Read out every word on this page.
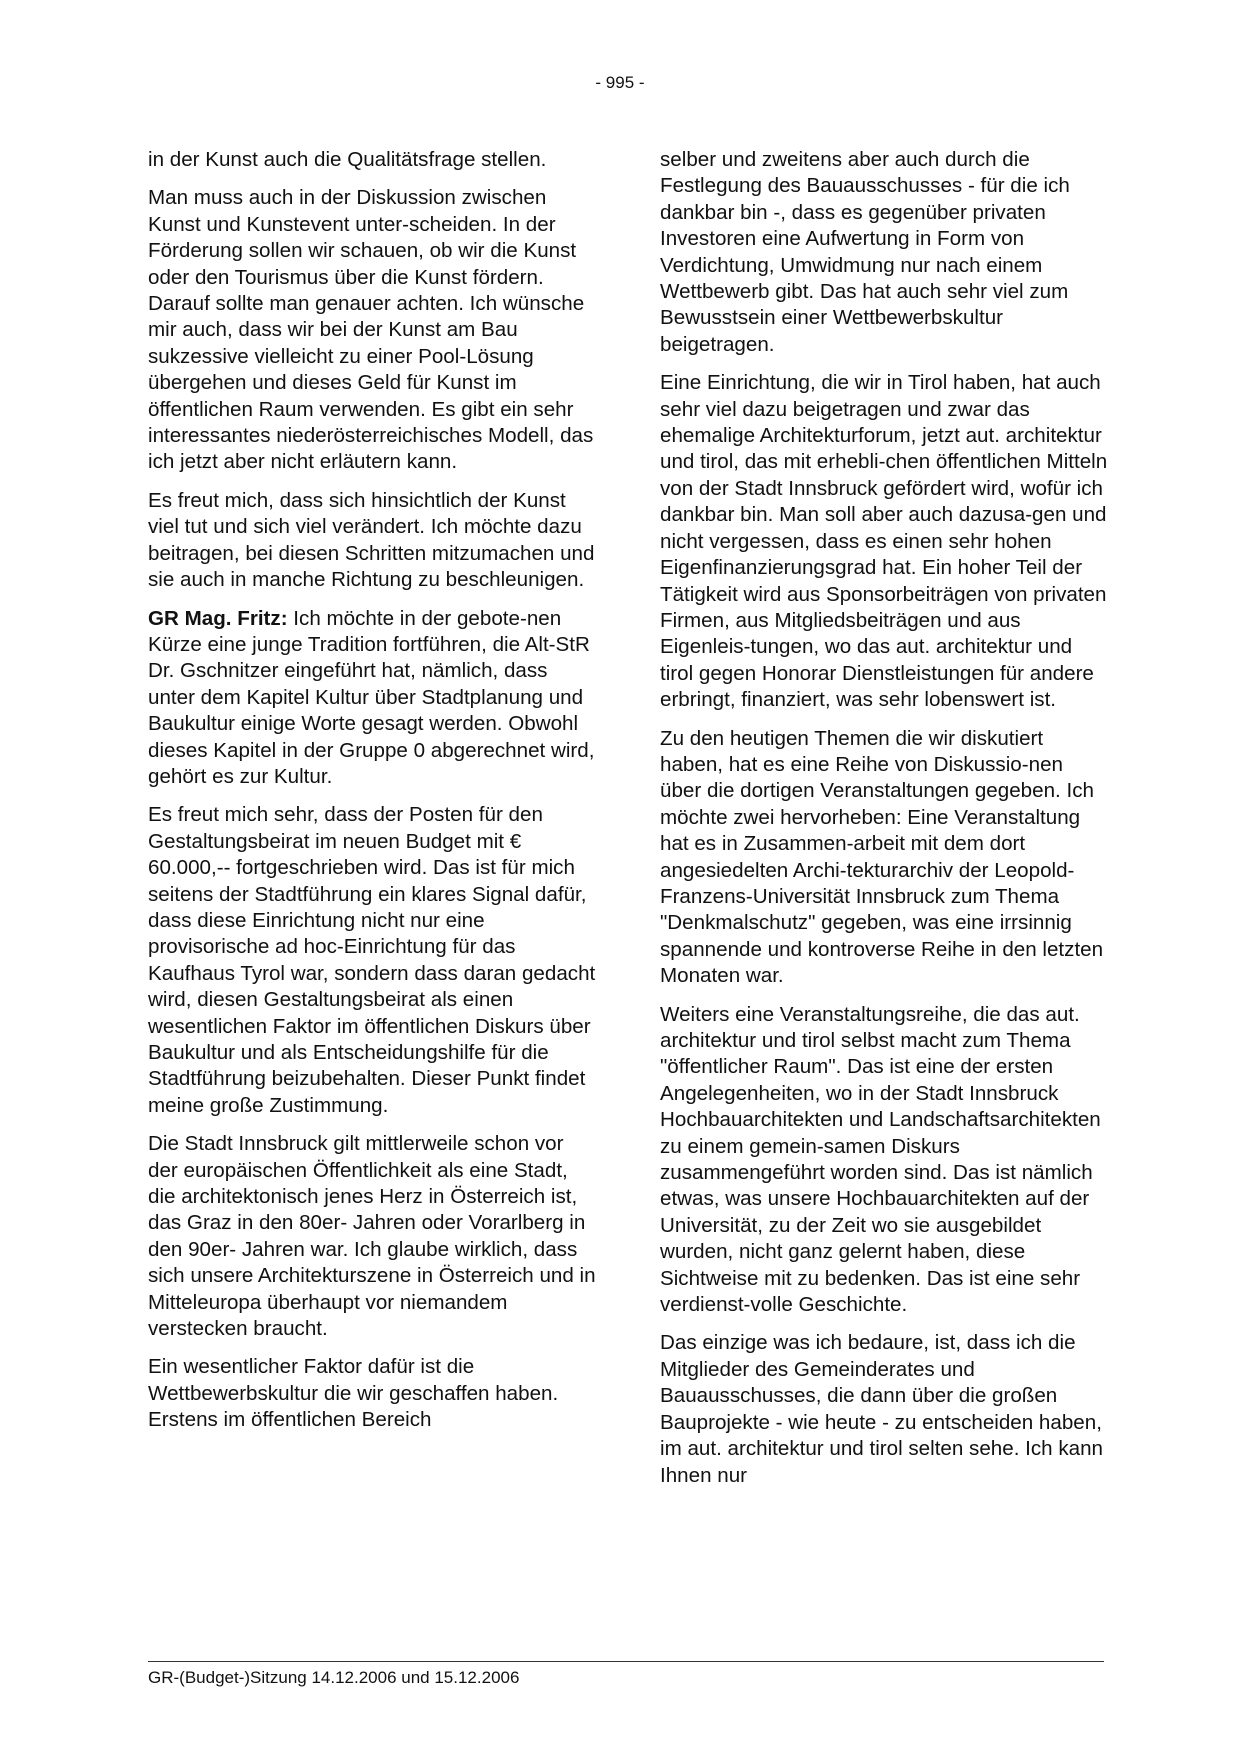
- 995 -

in der Kunst auch die Qualitätsfrage stellen.

Man muss auch in der Diskussion zwischen Kunst und Kunstevent unter-scheiden. In der Förderung sollen wir schauen, ob wir die Kunst oder den Tourismus über die Kunst fördern. Darauf sollte man genauer achten. Ich wünsche mir auch, dass wir bei der Kunst am Bau sukzessive vielleicht zu einer Pool-Lösung übergehen und dieses Geld für Kunst im öffentlichen Raum verwenden. Es gibt ein sehr interessantes niederösterreichisches Modell, das ich jetzt aber nicht erläutern kann.

Es freut mich, dass sich hinsichtlich der Kunst viel tut und sich viel verändert. Ich möchte dazu beitragen, bei diesen Schritten mitzumachen und sie auch in manche Richtung zu beschleunigen.

GR Mag. Fritz: Ich möchte in der gebote-nen Kürze eine junge Tradition fortführen, die Alt-StR Dr. Gschnitzer eingeführt hat, nämlich, dass unter dem Kapitel Kultur über Stadtplanung und Baukultur einige Worte gesagt werden. Obwohl dieses Kapitel in der Gruppe 0 abgerechnet wird, gehört es zur Kultur.

Es freut mich sehr, dass der Posten für den Gestaltungsbeirat im neuen Budget mit € 60.000,-- fortgeschrieben wird. Das ist für mich seitens der Stadtführung ein klares Signal dafür, dass diese Einrichtung nicht nur eine provisorische ad hoc-Einrichtung für das Kaufhaus Tyrol war, sondern dass daran gedacht wird, diesen Gestaltungsbeirat als einen wesentlichen Faktor im öffentlichen Diskurs über Baukultur und als Entscheidungshilfe für die Stadtführung beizubehalten. Dieser Punkt findet meine große Zustimmung.

Die Stadt Innsbruck gilt mittlerweile schon vor der europäischen Öffentlichkeit als eine Stadt, die architektonisch jenes Herz in Österreich ist, das Graz in den 80er- Jahren oder Vorarlberg in den 90er- Jahren war. Ich glaube wirklich, dass sich unsere Architekturszene in Österreich und in Mitteleuropa überhaupt vor niemandem verstecken braucht.

Ein wesentlicher Faktor dafür ist die Wettbewerbskultur die wir geschaffen haben. Erstens im öffentlichen Bereich

selber und zweitens aber auch durch die Festlegung des Bauausschusses - für die ich dankbar bin -, dass es gegenüber privaten Investoren eine Aufwertung in Form von Verdichtung, Umwidmung nur nach einem Wettbewerb gibt. Das hat auch sehr viel zum Bewusstsein einer Wettbewerbskultur beigetragen.

Eine Einrichtung, die wir in Tirol haben, hat auch sehr viel dazu beigetragen und zwar das ehemalige Architekturforum, jetzt aut. architektur und tirol, das mit erhebli-chen öffentlichen Mitteln von der Stadt Innsbruck gefördert wird, wofür ich dankbar bin. Man soll aber auch dazusa-gen und nicht vergessen, dass es einen sehr hohen Eigenfinanzierungsgrad hat. Ein hoher Teil der Tätigkeit wird aus Sponsorbeiträgen von privaten Firmen, aus Mitgliedsbeiträgen und aus Eigenleis-tungen, wo das aut. architektur und tirol gegen Honorar Dienstleistungen für andere erbringt, finanziert, was sehr lobenswert ist.

Zu den heutigen Themen die wir diskutiert haben, hat es eine Reihe von Diskussio-nen über die dortigen Veranstaltungen gegeben. Ich möchte zwei hervorheben: Eine Veranstaltung hat es in Zusammen-arbeit mit dem dort angesiedelten Archi-tekturarchiv der Leopold-Franzens-Universität Innsbruck zum Thema "Denkmalschutz" gegeben, was eine irrsinnig spannende und kontroverse Reihe in den letzten Monaten war.

Weiters eine Veranstaltungsreihe, die das aut. architektur und tirol selbst macht zum Thema "öffentlicher Raum". Das ist eine der ersten Angelegenheiten, wo in der Stadt Innsbruck Hochbauarchitekten und Landschaftsarchitekten zu einem gemein-samen Diskurs zusammengeführt worden sind. Das ist nämlich etwas, was unsere Hochbauarchitekten auf der Universität, zu der Zeit wo sie ausgebildet wurden, nicht ganz gelernt haben, diese Sichtweise mit zu bedenken. Das ist eine sehr verdienst-volle Geschichte.

Das einzige was ich bedaure, ist, dass ich die Mitglieder des Gemeinderates und Bauausschusses, die dann über die großen Bauprojekte - wie heute - zu entscheiden haben, im aut. architektur und tirol selten sehe. Ich kann Ihnen nur

GR-(Budget-)Sitzung 14.12.2006 und 15.12.2006
